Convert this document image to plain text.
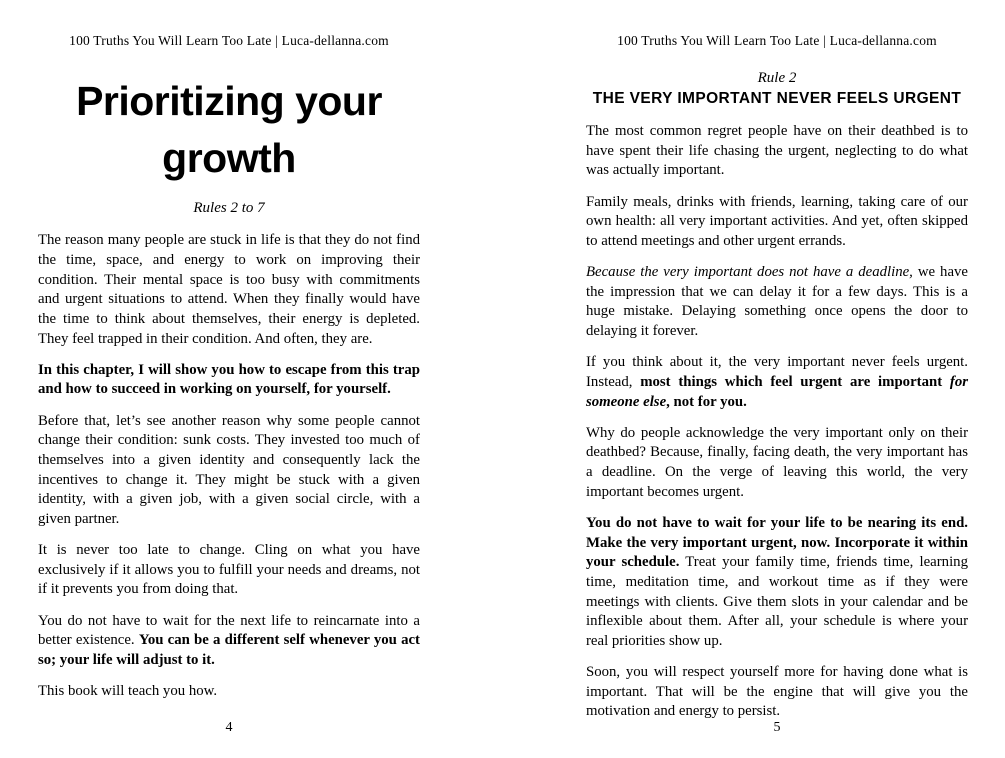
100 Truths You Will Learn Too Late | Luca-dellanna.com
Prioritizing your growth
Rules 2 to 7

The reason many people are stuck in life is that they do not find the time, space, and energy to work on improving their condition. Their mental space is too busy with commitments and urgent situations to attend. When they finally would have the time to think about themselves, their energy is depleted. They feel trapped in their condition. And often, they are.

In this chapter, I will show you how to escape from this trap and how to succeed in working on yourself, for yourself.

Before that, let’s see another reason why some people cannot change their condition: sunk costs. They invested too much of themselves into a given identity and consequently lack the incentives to change it. They might be stuck with a given identity, with a given job, with a given social circle, with a given partner.

It is never too late to change. Cling on what you have exclusively if it allows you to fulfill your needs and dreams, not if it prevents you from doing that.

You do not have to wait for the next life to reincarnate into a better existence. You can be a different self whenever you act so; your life will adjust to it.

This book will teach you how.

4
100 Truths You Will Learn Too Late | Luca-dellanna.com
Rule 2
THE VERY IMPORTANT NEVER FEELS URGENT

The most common regret people have on their deathbed is to have spent their life chasing the urgent, neglecting to do what was actually important.

Family meals, drinks with friends, learning, taking care of our own health: all very important activities. And yet, often skipped to attend meetings and other urgent errands.

Because the very important does not have a deadline, we have the impression that we can delay it for a few days. This is a huge mistake. Delaying something once opens the door to delaying it forever.

If you think about it, the very important never feels urgent. Instead, most things which feel urgent are important for someone else, not for you.

Why do people acknowledge the very important only on their deathbed? Because, finally, facing death, the very important has a deadline. On the verge of leaving this world, the very important becomes urgent.

You do not have to wait for your life to be nearing its end. Make the very important urgent, now. Incorporate it within your schedule. Treat your family time, friends time, learning time, meditation time, and workout time as if they were meetings with clients. Give them slots in your calendar and be inflexible about them. After all, your schedule is where your real priorities show up.

Soon, you will respect yourself more for having done what is important. That will be the engine that will give you the motivation and energy to persist.

5
